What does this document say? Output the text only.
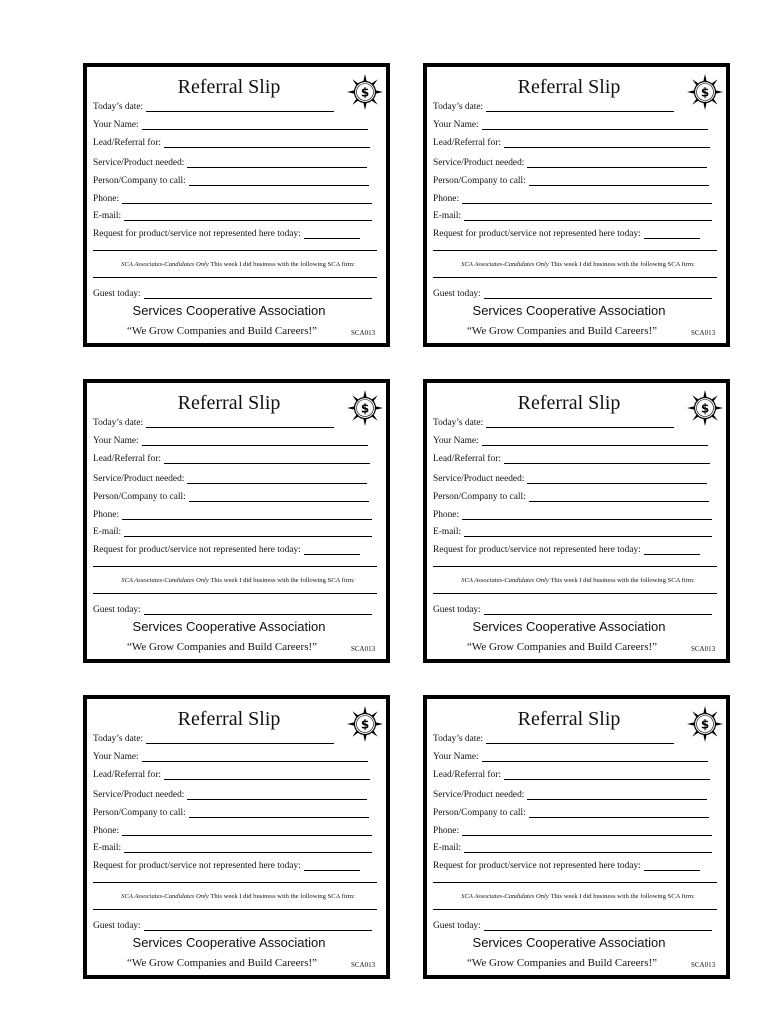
Referral Slip	$
Today’s date:
Your Name:
Lead/Referral for:
Service/Product needed:
Person/Company to call:
Phone:
E-mail:
Request for product/service not represented here today:
SCA Associates-Candidates Only This week I did business with the following SCA firm:
Guest today:
Services Cooperative Association
“We Grow Companies and Build Careers!”	SCA013
Referral Slip	$
Today’s date:
Your Name:
Lead/Referral for:
Service/Product needed:
Person/Company to call:
Phone:
E-mail:
Request for product/service not represented here today:
SCA Associates-Candidates Only This week I did business with the following SCA firm:
Guest today:
Services Cooperative Association
“We Grow Companies and Build Careers!”	SCA013
Referral Slip	$
Today’s date:
Your Name:
Lead/Referral for:
Service/Product needed:
Person/Company to call:
Phone:
E-mail:
Request for product/service not represented here today:
SCA Associates-Candidates Only This week I did business with the following SCA firm:
Guest today:
Services Cooperative Association
“We Grow Companies and Build Careers!”	SCA013
Referral Slip	$
Today’s date:
Your Name:
Lead/Referral for:
Service/Product needed:
Person/Company to call:
Phone:
E-mail:
Request for product/service not represented here today:
SCA Associates-Candidates Only This week I did business with the following SCA firm:
Guest today:
Services Cooperative Association
“We Grow Companies and Build Careers!”	SCA013
Referral Slip	$
Today’s date:
Your Name:
Lead/Referral for:
Service/Product needed:
Person/Company to call:
Phone:
E-mail:
Request for product/service not represented here today:
SCA Associates-Candidates Only This week I did business with the following SCA firm:
Guest today:
Services Cooperative Association
“We Grow Companies and Build Careers!”	SCA013
Referral Slip	$
Today’s date:
Your Name:
Lead/Referral for:
Service/Product needed:
Person/Company to call:
Phone:
E-mail:
Request for product/service not represented here today:
SCA Associates-Candidates Only This week I did business with the following SCA firm:
Guest today:
Services Cooperative Association
“We Grow Companies and Build Careers!”	SCA013
